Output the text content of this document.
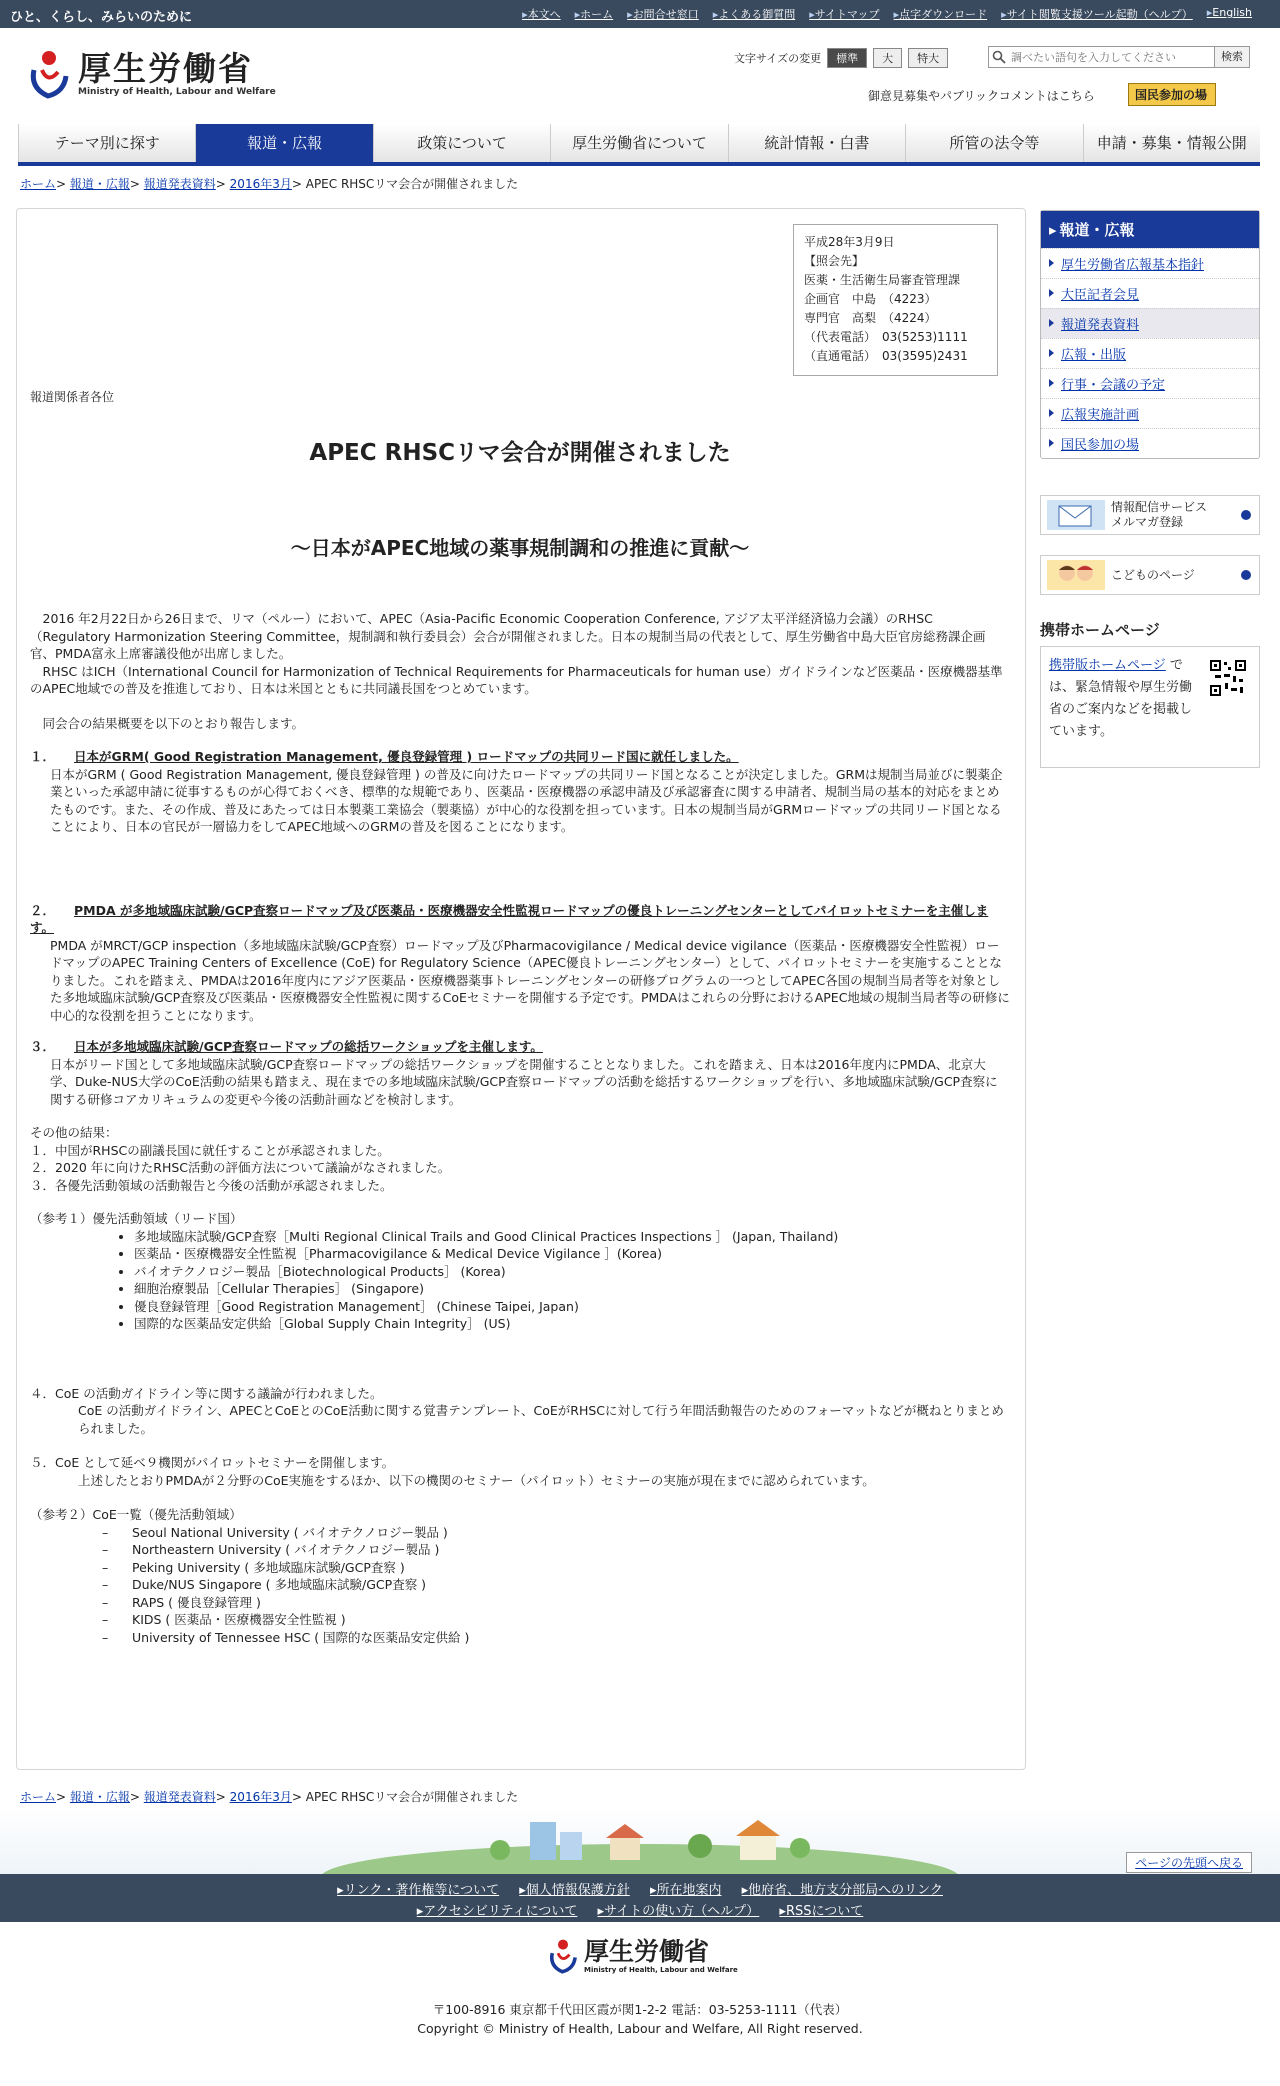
ひと、くらし、みらいのために	▸ 本文へ	▸ ホーム	▸ お問合せ窓口	▸ よくある御質問	▸ サイトマップ	▸ 点字ダウンロード	▸ サイト閲覧支援ツール起動（ヘルプ）	▸ English
厚生労働省
Ministry of Health, Labour and Welfare
文字サイズの変更	標準	大	特大
調べたい語句を入力してください	検索
御意見募集やパブリックコメントはこちら	国民参加の場
テーマ別に探す	報道・広報	政策について	厚生労働省について	統計情報・白書	所管の法令等	申請・募集・情報公開
ホーム> 報道・広報> 報道発表資料> 2016年3月> APEC RHSCリマ会合が開催されました
平成28年3月9日
【照会先】
医薬・生活衛生局審査管理課
企画官　中島　（4223）
専門官　高梨　（4224）
（代表電話）　03(5253)1111
（直通電話）　03(3595)2431
報道関係者各位
APEC RHSCリマ会合が開催されました
～日本がAPEC地域の薬事規制調和の推進に貢献～

　2016 年2月22日から26日まで、リマ（ペルー）において、APEC（Asia-Pacific Economic Cooperation Conference, アジア太平洋経済協力会議）のRHSC（Regulatory Harmonization Steering Committee，規制調和執行委員会）会合が開催されました。日本の規制当局の代表として、厚生労働省中島大臣官房総務課企画官、PMDA富永上席審議役他が出席しました。

　RHSC はICH（International Council for Harmonization of Technical Requirements for Pharmaceuticals for human use）ガイドラインなど医薬品・医療機器基準のAPEC地域での普及を推進しており、日本は米国とともに共同議長国をつとめています。

　同会合の結果概要を以下のとおり報告します。

１． 日本がGRM( Good Registration Management, 優良登録管理 ) ロードマップの共同リード国に就任しました。

日本がGRM ( Good Registration Management, 優良登録管理 ) の普及に向けたロードマップの共同リード国となることが決定しました。GRMは規制当局並びに製薬企業といった承認申請に従事するものが心得ておくべき、標準的な規範であり、医薬品・医療機器の承認申請及び承認審査に関する申請者、規制当局の基本的対応をまとめたものです。また、その作成、普及にあたっては日本製薬工業協会（製薬協）が中心的な役割を担っています。日本の規制当局がGRMロードマップの共同リード国となることにより、日本の官民が一層協力をしてAPEC地域へのGRMの普及を図ることになります。

２． PMDA が多地域臨床試験/GCP査察ロードマップ及び医薬品・医療機器安全性監視ロードマップの優良トレーニングセンターとしてパイロットセミナーを主催します。

PMDA がMRCT/GCP inspection（多地域臨床試験/GCP査察）ロードマップ及びPharmacovigilance / Medical device vigilance（医薬品・医療機器安全性監視）ロードマップのAPEC Training Centers of Excellence (CoE) for Regulatory Science（APEC優良トレーニングセンター）として、パイロットセミナーを実施することとなりました。これを踏まえ、PMDAは2016年度内にアジア医薬品・医療機器薬事トレーニングセンターの研修プログラムの一つとしてAPEC各国の規制当局者等を対象とした多地域臨床試験/GCP査察及び医薬品・医療機器安全性監視に関するCoEセミナーを開催する予定です。PMDAはこれらの分野におけるAPEC地域の規制当局者等の研修に中心的な役割を担うことになります。

３． 日本が多地域臨床試験/GCP査察ロードマップの総括ワークショップを主催します。

日本がリード国として多地域臨床試験/GCP査察ロードマップの総括ワークショップを開催することとなりました。これを踏まえ、日本は2016年度内にPMDA、北京大学、Duke-NUS大学のCoE活動の結果も踏まえ、現在までの多地域臨床試験/GCP査察ロードマップの活動を総括するワークショップを行い、多地域臨床試験/GCP査察に関する研修コアカリキュラムの変更や今後の活動計画などを検討します。

その他の結果：

１．中国がRHSCの副議長国に就任することが承認されました。

２．2020 年に向けたRHSC活動の評価方法について議論がなされました。

３．各優先活動領域の活動報告と今後の活動が承認されました。

（参考１）優先活動領域（リード国）

• 多地域臨床試験/GCP査察［Multi Regional Clinical Trails and Good Clinical Practices Inspections ］ (Japan, Thailand)
• 医薬品・医療機器安全性監視［Pharmacovigilance & Medical Device Vigilance ］(Korea)
• バイオテクノロジー製品［Biotechnological Products］ (Korea)
• 細胞治療製品［Cellular Therapies］ (Singapore)
• 優良登録管理［Good Registration Management］ (Chinese Taipei, Japan)
• 国際的な医薬品安定供給［Global Supply Chain Integrity］ (US)

４．CoE の活動ガイドライン等に関する議論が行われました。

CoE の活動ガイドライン、APECとCoEとのCoE活動に関する覚書テンプレート、CoEがRHSCに対して行う年間活動報告のためのフォーマットなどが概ねとりまとめられました。

５．CoE として延べ９機関がパイロットセミナーを開催します。

上述したとおりPMDAが２分野のCoE実施をするほか、以下の機関のセミナー（パイロット）セミナーの実施が現在までに認められています。

（参考２）CoE一覧（優先活動領域）

– Seoul National University ( バイオテクノロジー製品 )
– Northeastern University ( バイオテクノロジー製品 )
– Peking University ( 多地域臨床試験/GCP査察 )
– Duke/NUS Singapore ( 多地域臨床試験/GCP査察 )
– RAPS ( 優良登録管理 )
– KIDS ( 医薬品・医療機器安全性監視 )
– University of Tennessee HSC ( 国際的な医薬品安定供給 )
▸ 報道・広報
厚生労働省広報基本指針
大臣記者会見
報道発表資料
広報・出版
行事・会議の予定
広報実施計画
国民参加の場
情報配信サービス
メルマガ登録
こどものページ
携帯ホームページ
携帯版ホームページ では、緊急情報や厚生労働省のご案内などを掲載しています。
ホーム> 報道・広報> 報道発表資料> 2016年3月> APEC RHSCリマ会合が開催されました
ページの先頭へ戻る
▸ リンク・著作権等について ▸ 個人情報保護方針 ▸ 所在地案内 ▸ 他府省、地方支分部局へのリンク
▸ アクセシビリティについて ▸ サイトの使い方（ヘルプ） ▸ RSSについて
厚生労働省
Ministry of Health, Labour and Welfare
〒100-8916 東京都千代田区霞が関1-2-2 電話：03-5253-1111（代表）
Copyright © Ministry of Health, Labour and Welfare, All Right reserved.
